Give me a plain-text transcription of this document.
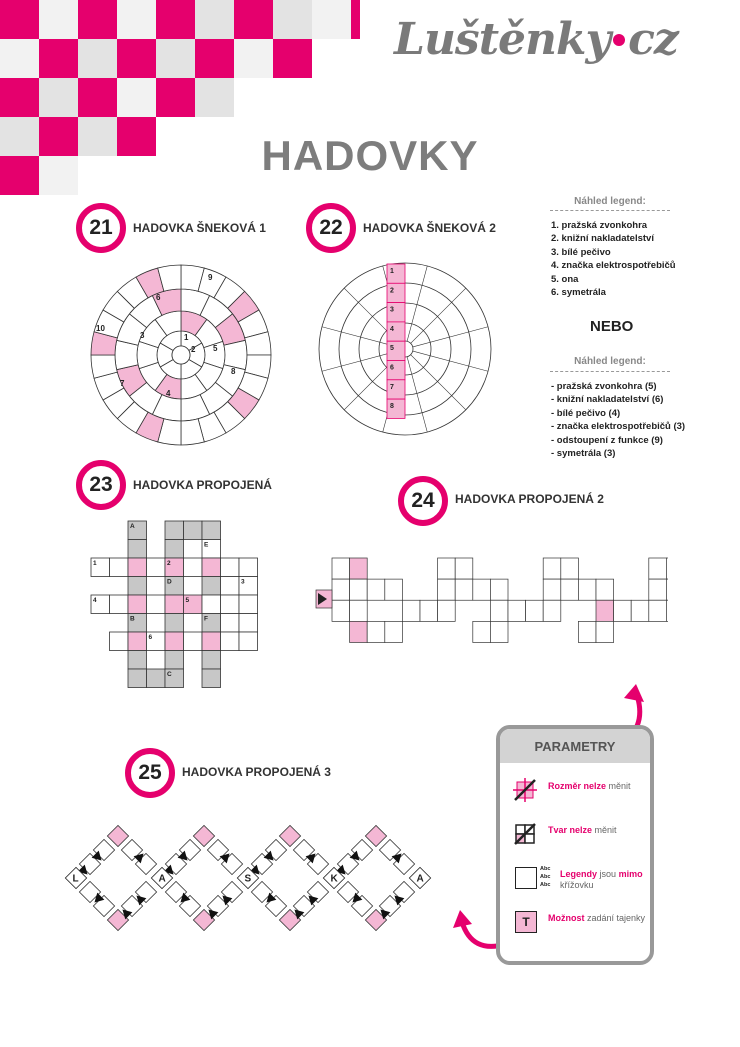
Luštěnky cz
HADOVKY
21	HADOVKA ŠNEKOVÁ 1	22	HADOVKA ŠNEKOVÁ 2
1
2
3
4
5
6
7
8
9
10
1
2
3
4
5
6
7
8
Náhled legend:
1. pražská zvonkohra
2. knižní nakladatelství
3. bílé pečivo
4. značka elektrospotřebičů
5. ona
6. symetrála
NEBO
Náhled legend:
- pražská zvonkohra (5)
- knižní nakladatelství (6)
- bílé pečivo (4)
- značka elektrospotřebičů (3)
- odstoupení z funkce (9)
- symetrála (3)
23	HADOVKA PROPOJENÁ
A
E
D
B	F
C
1	2
3
4	5
6
24	HADOVKA PROPOJENÁ 2
25	HADOVKA PROPOJENÁ 3
L	A	S	K	A
PARAMETRY
Rozměr nelze měnit
Tvar nelze měnit
Abc
Abc
Abc
Legendy jsou mimo křížovku
T	Možnost zadání tajenky
